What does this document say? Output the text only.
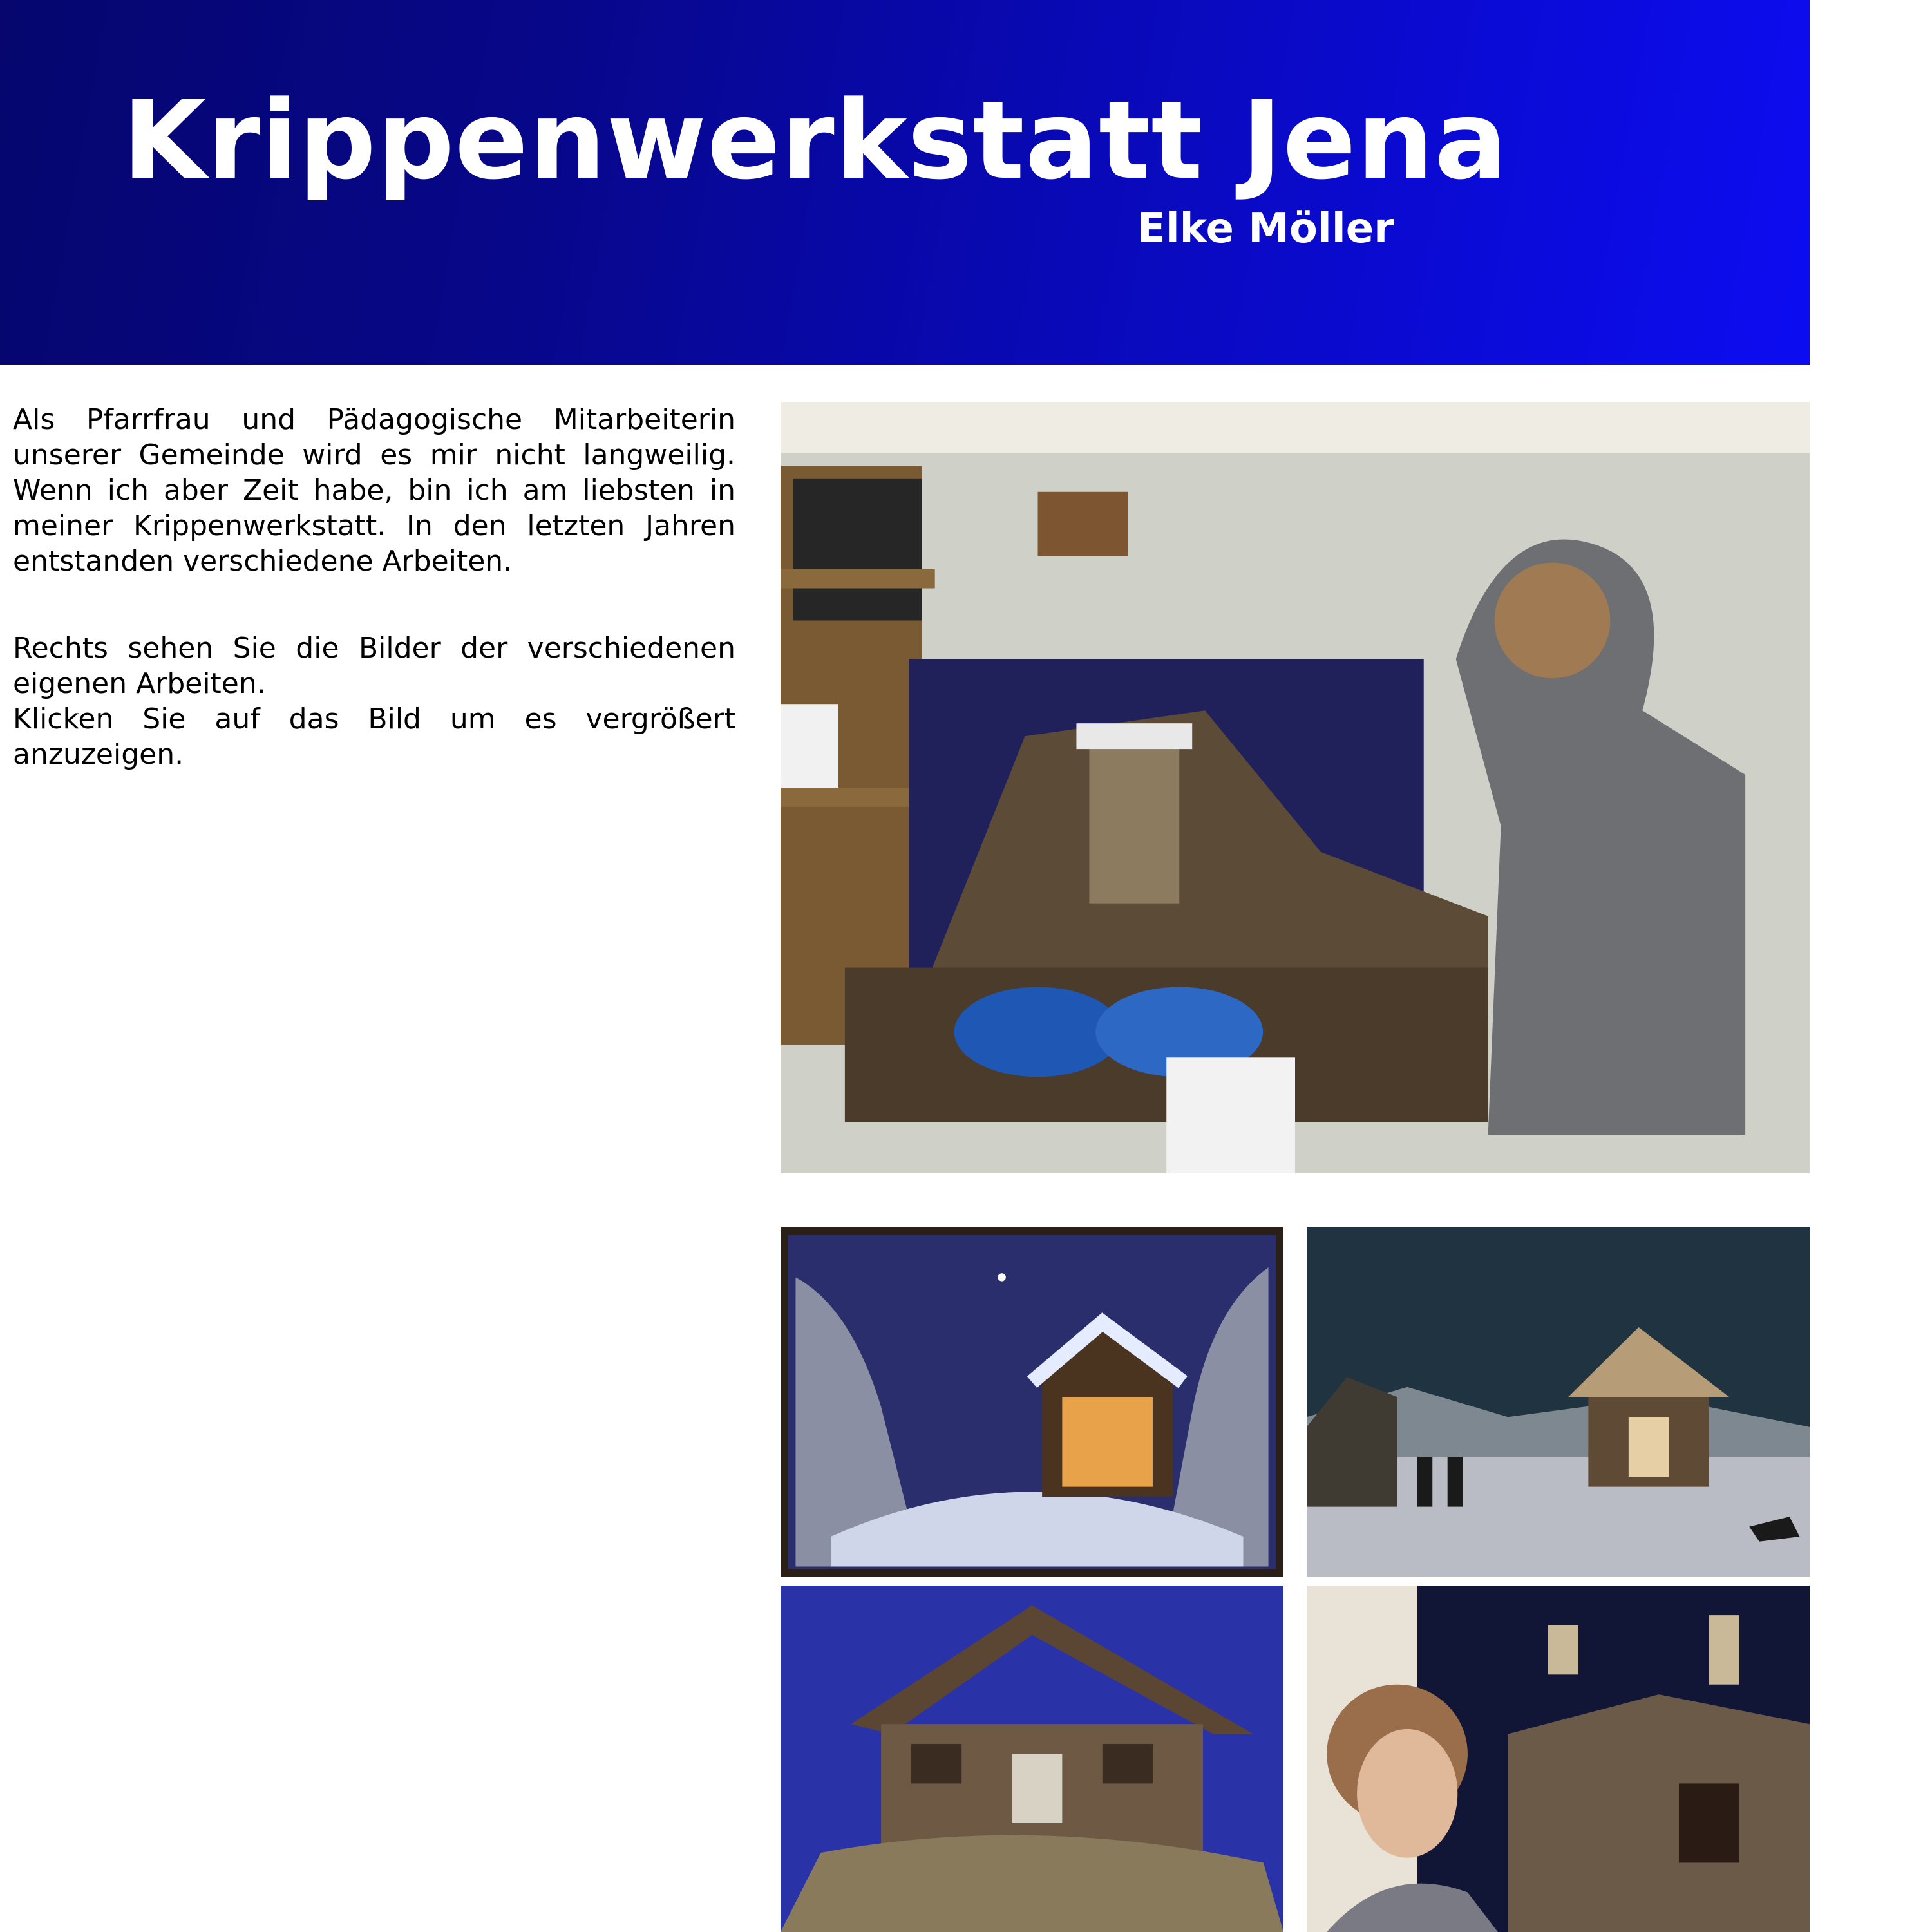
Krippenwerkstatt Jena
Elke Möller

Als Pfarrfrau und Pädagogische Mitarbeiterin unserer Gemeinde wird es mir nicht langweilig. Wenn ich aber Zeit habe, bin ich am liebsten in meiner Krippenwerkstatt. In den letzten Jahren entstanden verschiedene Arbeiten.

Rechts sehen Sie die Bilder der verschiedenen eigenen Arbeiten.

Klicken Sie auf das Bild um es vergrößert anzuzeigen.
